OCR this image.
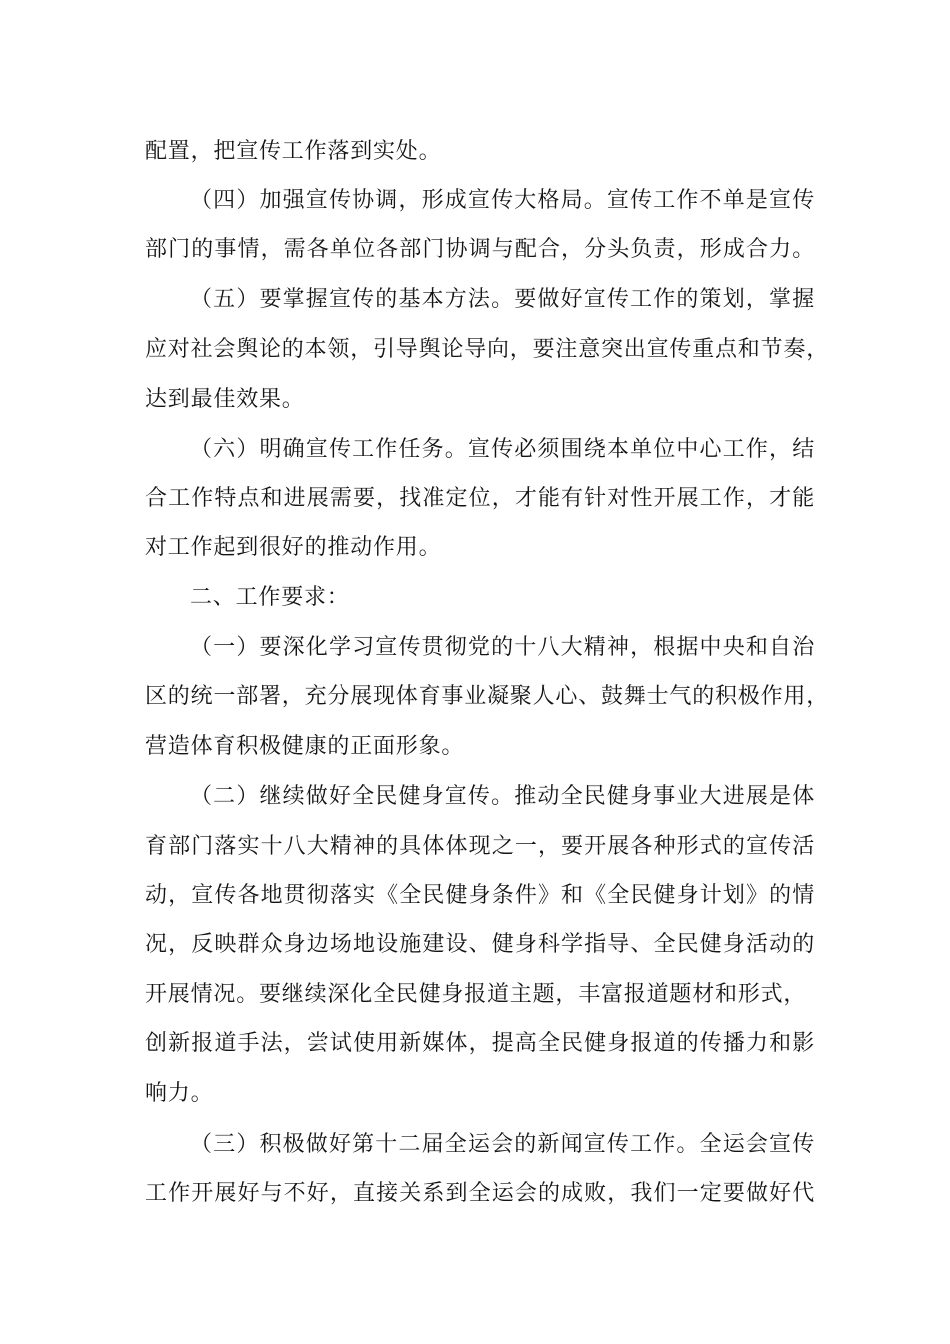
配置，把宣传工作落到实处。
（四）加强宣传协调，形成宣传大格局。宣传工作不单是宣传
部门的事情，需各单位各部门协调与配合，分头负责，形成合力。
（五）要掌握宣传的基本方法。要做好宣传工作的策划，掌握
应对社会舆论的本领，引导舆论导向，要注意突出宣传重点和节奏，
达到最佳效果。
（六）明确宣传工作任务。宣传必须围绕本单位中心工作，结
合工作特点和进展需要，找准定位，才能有针对性开展工作，才能
对工作起到很好的推动作用。
二、工作要求：
（一）要深化学习宣传贯彻党的十八大精神，根据中央和自治
区的统一部署，充分展现体育事业凝聚人心、鼓舞士气的积极作用，
营造体育积极健康的正面形象。
（二）继续做好全民健身宣传。推动全民健身事业大进展是体
育部门落实十八大精神的具体体现之一，要开展各种形式的宣传活
动，宣传各地贯彻落实《全民健身条件》和《全民健身计划》的情
况，反映群众身边场地设施建设、健身科学指导、全民健身活动的
开展情况。要继续深化全民健身报道主题，丰富报道题材和形式，
创新报道手法，尝试使用新媒体，提高全民健身报道的传播力和影
响力。
（三）积极做好第十二届全运会的新闻宣传工作。全运会宣传
工作开展好与不好，直接关系到全运会的成败，我们一定要做好代
